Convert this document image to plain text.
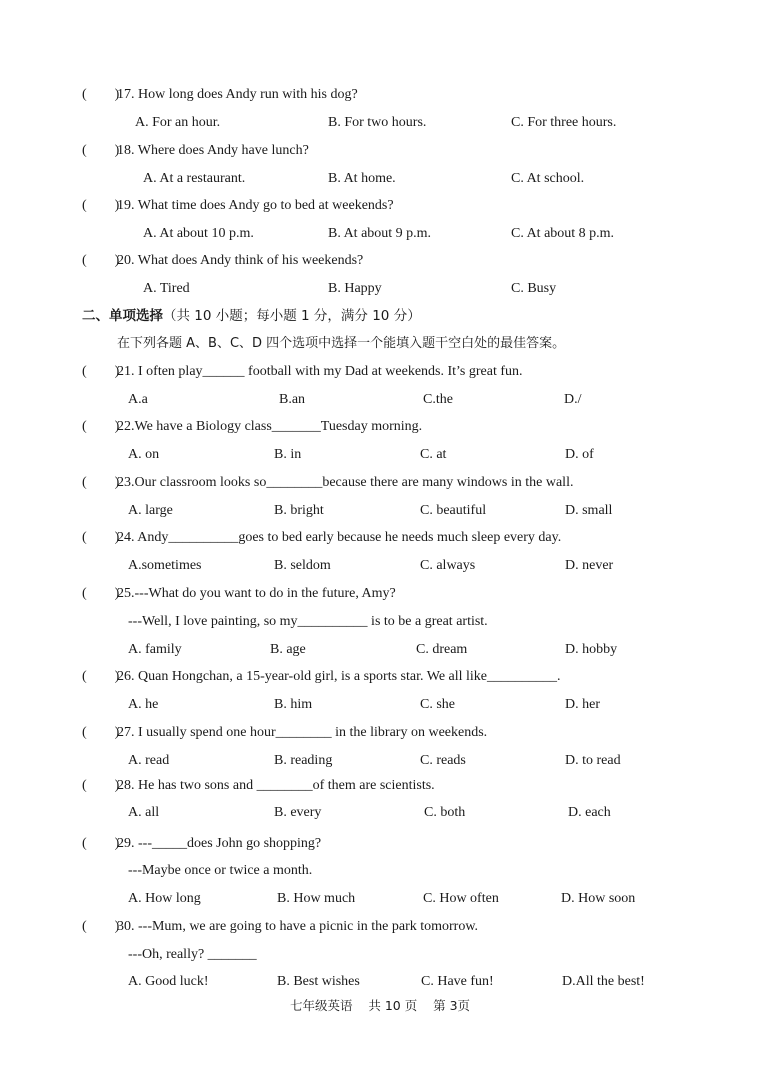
(        )
17. How long does Andy run with his dog?
A. For an hour.	B. For two hours.	C. For three hours.
(        )
18. Where does Andy have lunch?
A. At a restaurant.	B. At home.	C. At school.
(        )
19. What time does Andy go to bed at weekends?
A. At about 10 p.m.	B. At about 9 p.m.	C. At about 8 p.m.
(        )
20. What does Andy think of his weekends?
A. Tired	B. Happy	C. Busy
二、单项选择（共 10 小题；每小题 1 分，满分 10 分）
在下列各题 A、B、C、D 四个选项中选择一个能填入题干空白处的最佳答案。
(        )
21. I often play______ football with my Dad at weekends. It’s great fun.
A.a	B.an	C.the	D./
(        )
22.We have a Biology class_______Tuesday morning.
A. on	B. in	C. at	D. of
(        )
23.Our classroom looks so________because there are many windows in the wall.
A. large	B. bright	C. beautiful	D. small
(        )
24. Andy__________goes to bed early because he needs much sleep every day.
A.sometimes	B. seldom	C. always	D. never
(        )
25.---What do you want to do in the future, Amy?
---Well, I love painting, so my__________ is to be a great artist.
A. family	B. age	C. dream	D. hobby
(        )
26. Quan Hongchan, a 15-year-old girl, is a sports star. We all like__________.
A. he	B. him	C. she	D. her
(        )
27. I usually spend one hour________ in the library on weekends.
A. read	B. reading	C. reads	D. to read
(        )
28. He has two sons and ________of them are scientists.
A. all	B. every	C. both	D. each
(        )
29. ---_____does John go shopping?
---Maybe once or twice a month.
A. How long	B. How much	C. How often	D. How soon
(        )
30. ---Mum, we are going to have a picnic in the park tomorrow.
---Oh, really? _______
A. Good luck!	B. Best wishes	C. Have fun!	D.All the best!
七年级英语    共 10 页    第 3页
